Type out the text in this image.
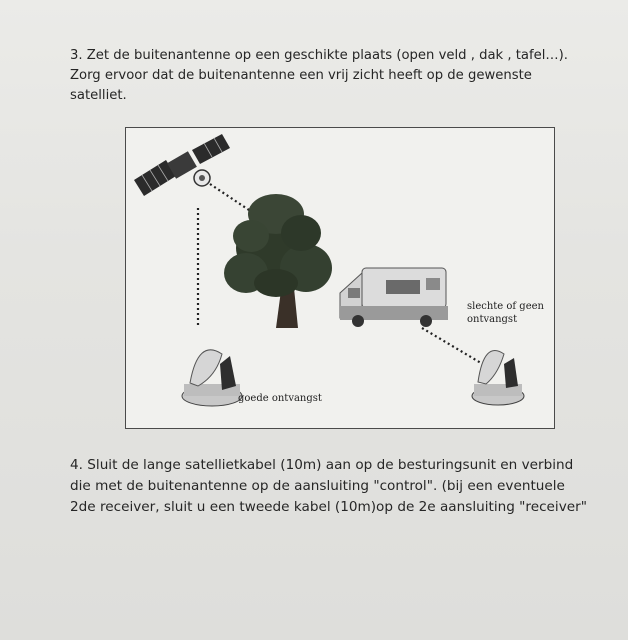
3. Zet de buitenantenne op een geschikte plaats (open veld , dak , tafel…). Zorg ervoor dat de buitenantenne een vrij zicht heeft op de gewenste satelliet.
slechte of geen ontvangst
goede ontvangst
4. Sluit de lange satellietkabel (10m) aan op de besturingsunit en verbind die met de buitenantenne op de aansluiting "control". (bij een eventuele 2de receiver, sluit u een tweede kabel (10m)op de 2e aansluiting "receiver"
